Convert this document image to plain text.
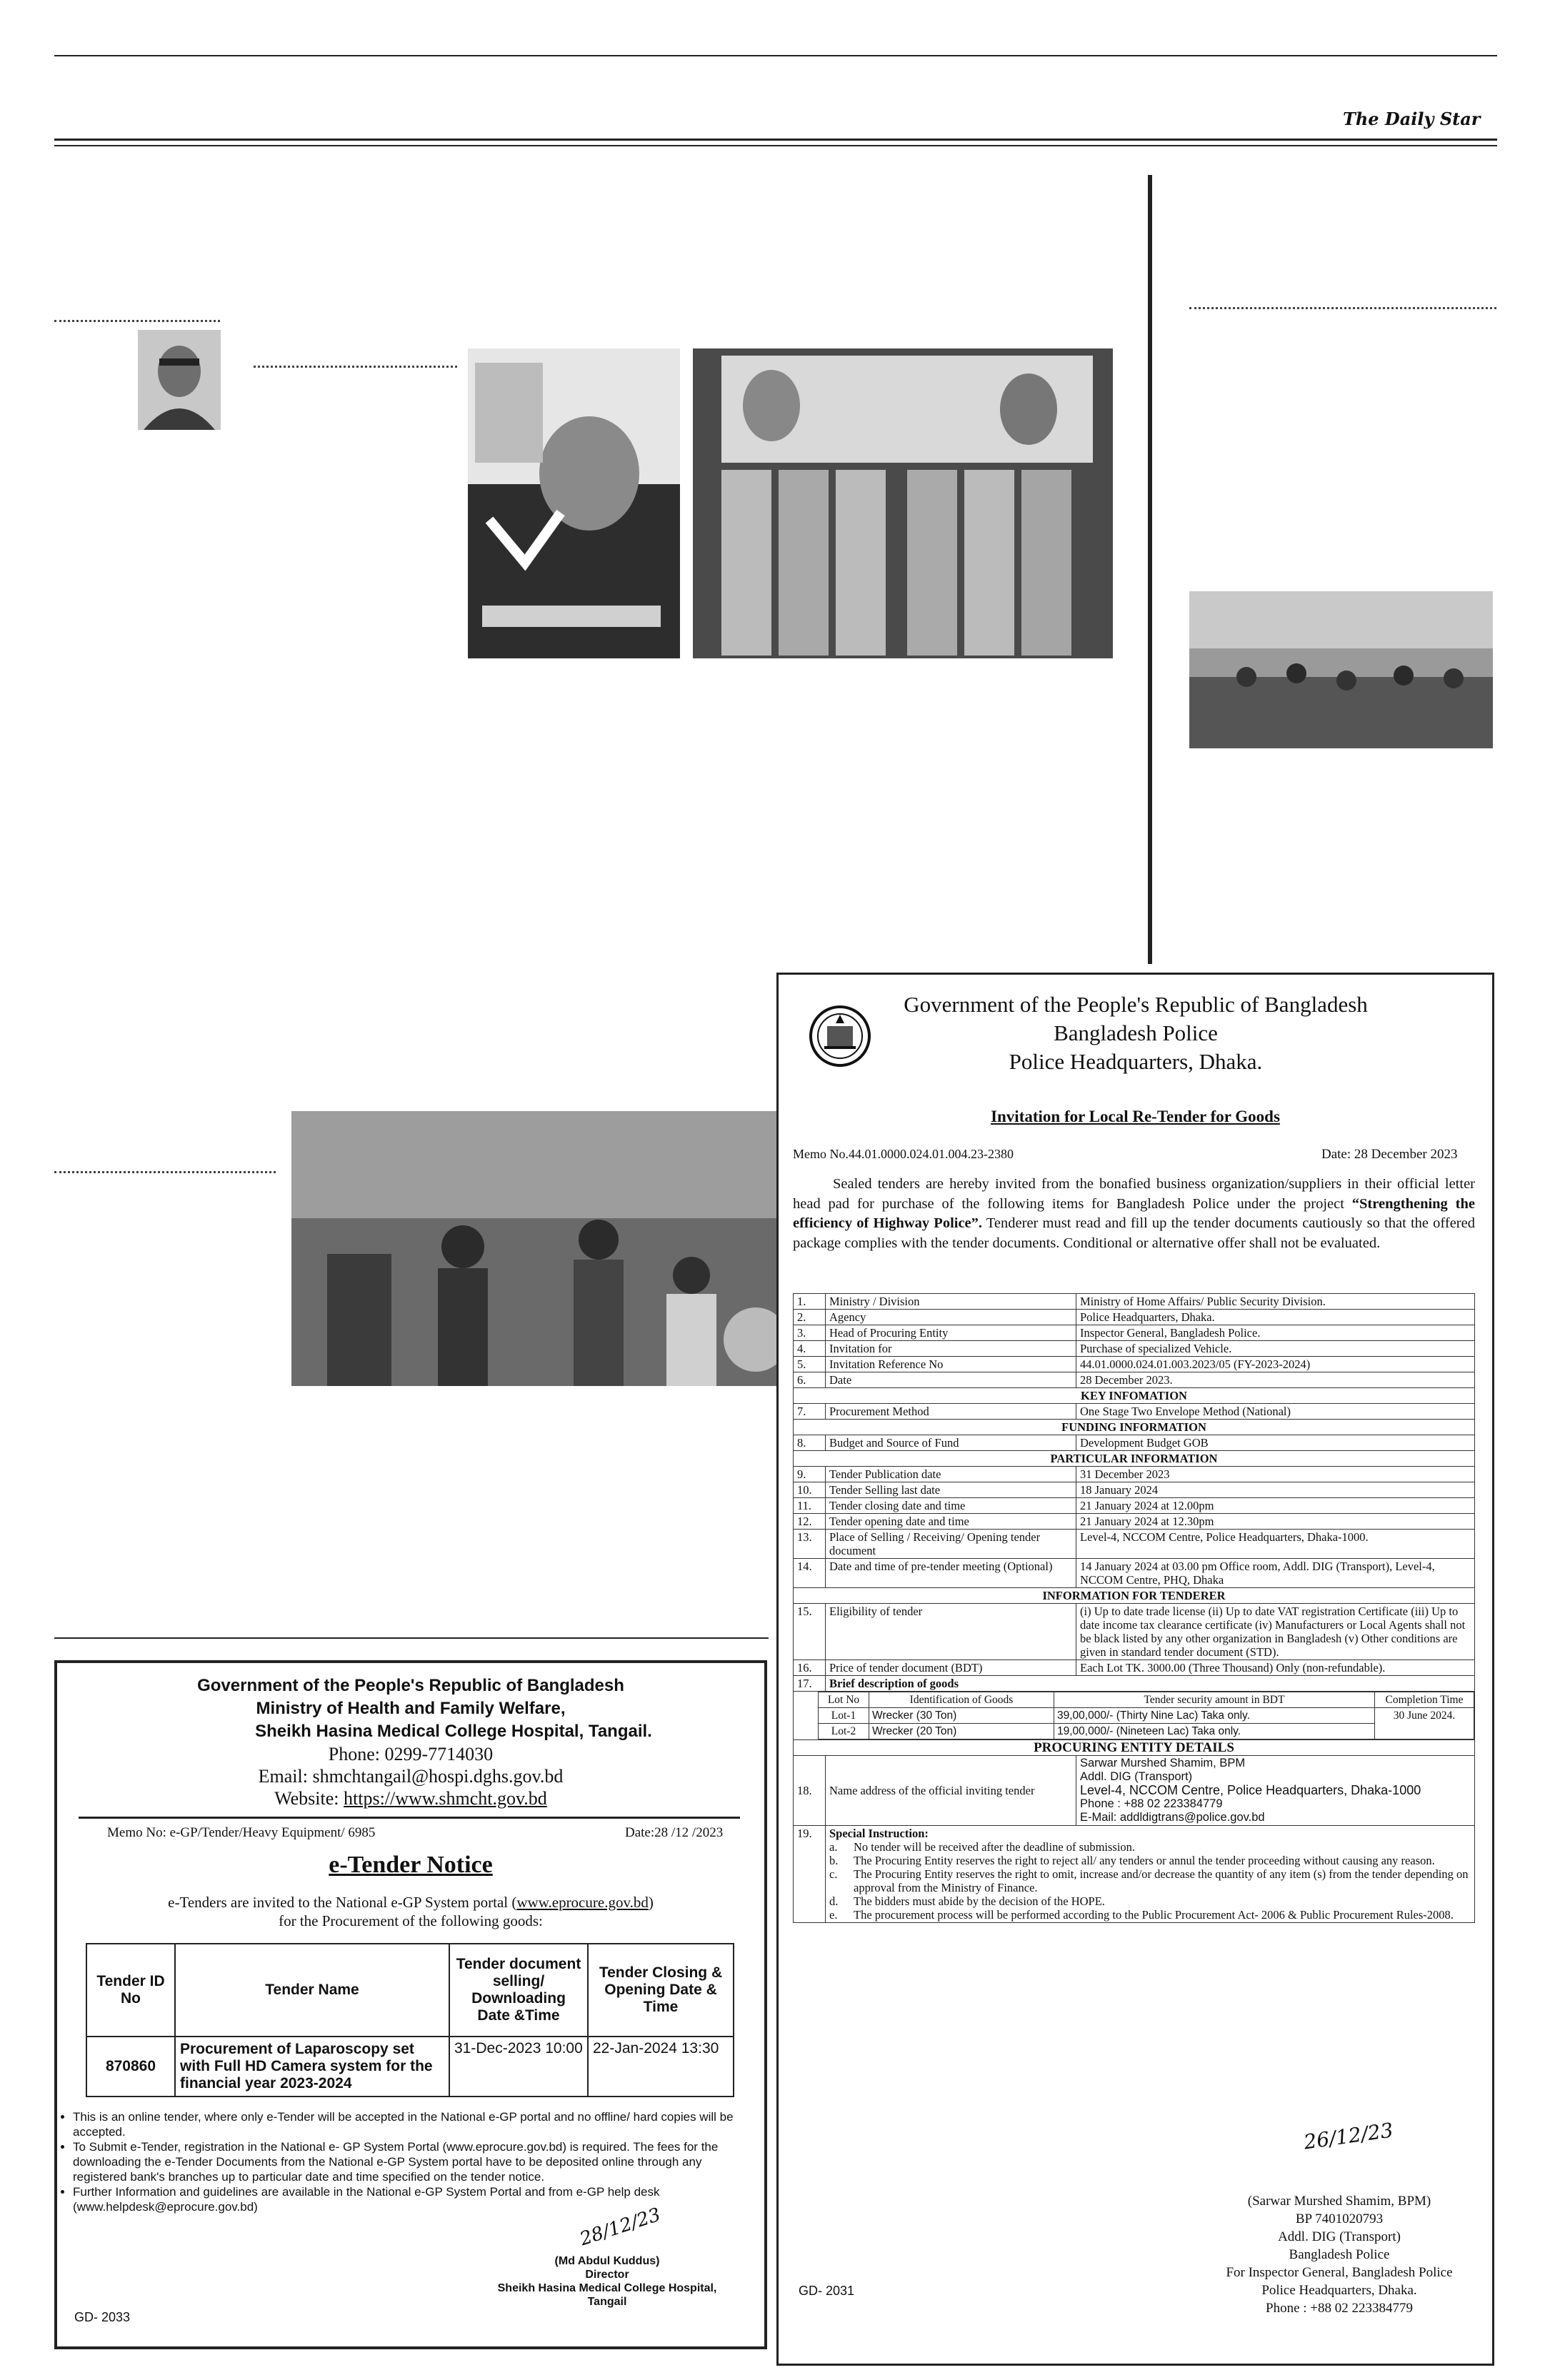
The Daily Star
Government of the People's Republic of Bangladesh
Ministry of Health and Family Welfare,
Sheikh Hasina Medical College Hospital, Tangail.
Phone: 0299-7714030
Email: shmchtangail@hospi.dghs.gov.bd
Website: https://www.shmcht.gov.bd
Memo No: e-GP/Tender/Heavy Equipment/ 6985	Date:28 /12 /2023
e-Tender Notice
e-Tenders are invited to the National e-GP System portal (www.eprocure.gov.bd)
for the Procurement of the following goods:
Tender ID No	Tender Name	Tender document selling/ Downloading Date &Time	Tender Closing & Opening Date & Time
870860	Procurement of Laparoscopy set with Full HD Camera system for the financial year 2023-2024	31-Dec-2023 10:00	22-Jan-2024 13:30
• This is an online tender, where only e-Tender will be accepted in the National e-GP portal and no offline/ hard copies will be accepted.
• To Submit e-Tender, registration in the National e- GP System Portal (www.eprocure.gov.bd) is required. The fees for the downloading the e-Tender Documents from the National e-GP System portal have to be deposited online through any registered bank's branches up to particular date and time specified on the tender notice.
• Further Information and guidelines are available in the National e-GP System Portal and from e-GP help desk (www.helpdesk@eprocure.gov.bd)	28/12/23
(Md Abdul Kuddus)
Director
Sheikh Hasina Medical College Hospital,
Tangail
GD- 2033
Government of the People's Republic of Bangladesh
Bangladesh Police
Police Headquarters, Dhaka.
Invitation for Local Re-Tender for Goods
Memo No.44.01.0000.024.01.004.23-2380	Date: 28 December 2023
Sealed tenders are hereby invited from the bonafied business organization/suppliers in their official letter head pad for purchase of the following items for Bangladesh Police under the project “Strengthening the efficiency of Highway Police”. Tenderer must read and fill up the tender documents cautiously so that the offered package complies with the tender documents. Conditional or alternative offer shall not be evaluated.
1.	Ministry / Division	Ministry of Home Affairs/ Public Security Division.
2.	Agency	Police Headquarters, Dhaka.
3.	Head of Procuring Entity	Inspector General, Bangladesh Police.
4.	Invitation for	Purchase of specialized Vehicle.
5.	Invitation Reference No	44.01.0000.024.01.003.2023/05 (FY-2023-2024)
6.	Date	28 December 2023.
KEY INFOMATION
7.	Procurement Method	One Stage Two Envelope Method (National)
FUNDING INFORMATION
8.	Budget and Source of Fund	Development Budget GOB
PARTICULAR INFORMATION
9.	Tender Publication date	31 December 2023
10.	Tender Selling last date	18 January 2024
11.	Tender closing date and time	21 January 2024 at 12.00pm
12.	Tender opening date and time	21 January 2024 at 12.30pm
13.	Place of Selling / Receiving/ Opening tender document	Level-4, NCCOM Centre, Police Headquarters, Dhaka-1000.
14.	Date and time of pre-tender meeting (Optional)	14 January 2024 at 03.00 pm Office room, Addl. DIG (Transport), Level-4, NCCOM Centre, PHQ, Dhaka
INFORMATION FOR TENDERER
15.	Eligibility of tender	(i) Up to date trade license (ii) Up to date VAT registration Certificate (iii) Up to date income tax clearance certificate (iv) Manufacturers or Local Agents shall not be black listed by any other organization in Bangladesh (v) Other conditions are given in standard tender document (STD).
16.	Price of tender document (BDT)	Each Lot TK. 3000.00 (Three Thousand) Only (non-refundable).
17.	Brief description of goods

Lot No	Identification of Goods	Tender security amount in BDT	Completion Time
Lot-1	Wrecker (30 Ton)	39,00,000/- (Thirty Nine Lac) Taka only.	30 June 2024.
Lot-2	Wrecker (20 Ton)	19,00,000/- (Nineteen Lac) Taka only.

PROCURING ENTITY DETAILS
18.	Name address of the official inviting tender	
Sarwar Murshed Shamim, BPM
Addl. DIG (Transport)
Level-4, NCCOM Centre, Police Headquarters, Dhaka-1000
Phone : +88 02 223384779
E-Mail: addldigtrans@police.gov.bd

19.	Special Instruction:
a.	No tender will be received after the deadline of submission.
b.	The Procuring Entity reserves the right to reject all/ any tenders or annul the tender proceeding without causing any reason.
c.	The Procuring Entity reserves the right to omit, increase and/or decrease the quantity of any item (s) from the tender depending on approval from the Ministry of Finance.
d.	The bidders must abide by the decision of the HOPE.
e.	The procurement process will be performed according to the Public Procurement Act- 2006 & Public Procurement Rules-2008.
26/12/23
(Sarwar Murshed Shamim, BPM)
BP 7401020793
Addl. DIG (Transport)
Bangladesh Police
For Inspector General, Bangladesh Police
Police Headquarters, Dhaka.
Phone : +88 02 223384779
GD- 2031
